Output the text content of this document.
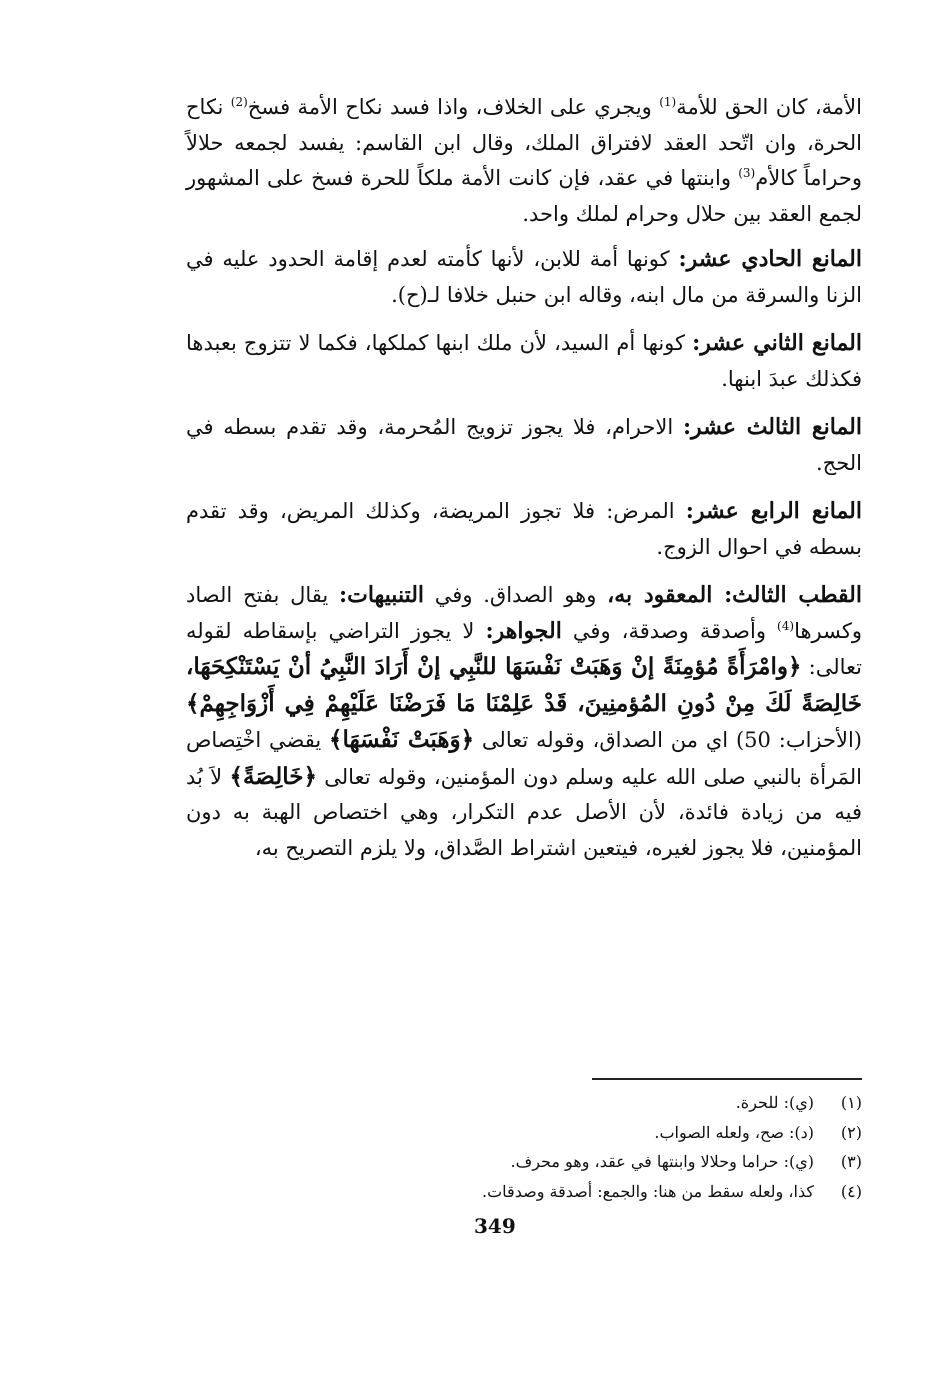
الأمة، كان الحق للأمة$^{(1)}$ ويجري على الخلاف، واذا فسد نكاح الأمة فسخ$^{(2)}$ نكاح الحرة، وان اتّحد العقد لافتراق الملك، وقال ابن القاسم: يفسد لجمعه حلالاً وحراماً كالأم$^{(3)}$ وابنتها في عقد، فإن كانت الأمة ملكاً للحرة فسخ على المشهور لجمع العقد بين حلال وحرام لملك واحد.

المانع الحادي عشر: كونها أمة للابن، لأنها كأمته لعدم إقامة الحدود عليه في الزنا والسرقة من مال ابنه، وقاله ابن حنبل خلافا لـ(ح).

المانع الثاني عشر: كونها أم السيد، لأن ملك ابنها كملكها، فكما لا تتزوج بعبدها فكذلك عبدَ ابنها.

المانع الثالث عشر: الاحرام، فلا يجوز تزويج المُحرمة، وقد تقدم بسطه في الحج.

المانع الرابع عشر: المرض: فلا تجوز المريضة، وكذلك المريض، وقد تقدم بسطه في احوال الزوج.

القطب الثالث: المعقود به، وهو الصداق. وفي التنبيهات: يقال بفتح الصاد وكسرها$^{(4)}$ وأصدقة وصدقة، وفي الجواهر: لا يجوز التراضي بإسقاطه لقوله تعالى: ﴿وامْرَأَةً مُؤمِنَةً إنْ وَهَبَتْ نَفْسَهَا للنَّبِي إنْ أَرَادَ النَّبِيُ أنْ يَسْتَنْكِحَهَا، خَالِصَةً لَكَ مِنْ دُونِ المُؤمنِينَ، قَدْ عَلِمْنَا مَا فَرَضْنَا عَلَيْهِمْ فِي أَزْوَاجِهِمْ﴾ (الأحزاب: 50) اي من الصداق، وقوله تعالى ﴿وَهَبَتْ نَفْسَهَا﴾ يقضي اخْتِصاص المَرأة بالنبي صلى الله عليه وسلم دون المؤمنين، وقوله تعالى ﴿خَالِصَةً﴾ لاَ بُد فيه من زيادة فائدة، لأن الأصل عدم التكرار، وهي اختصاص الهبة به دون المؤمنين، فلا يجوز لغيره، فيتعين اشتراط الصَّداق، ولا يلزم التصريح به،

(١)(ي): للحرة.
(٢)(د): صح، ولعله الصواب.
(٣)(ي): حراما وحلالا وابنتها في عقد، وهو محرف.
(٤)كذا، ولعله سقط من هنا: والجمع: أصدقة وصدقات.
349
